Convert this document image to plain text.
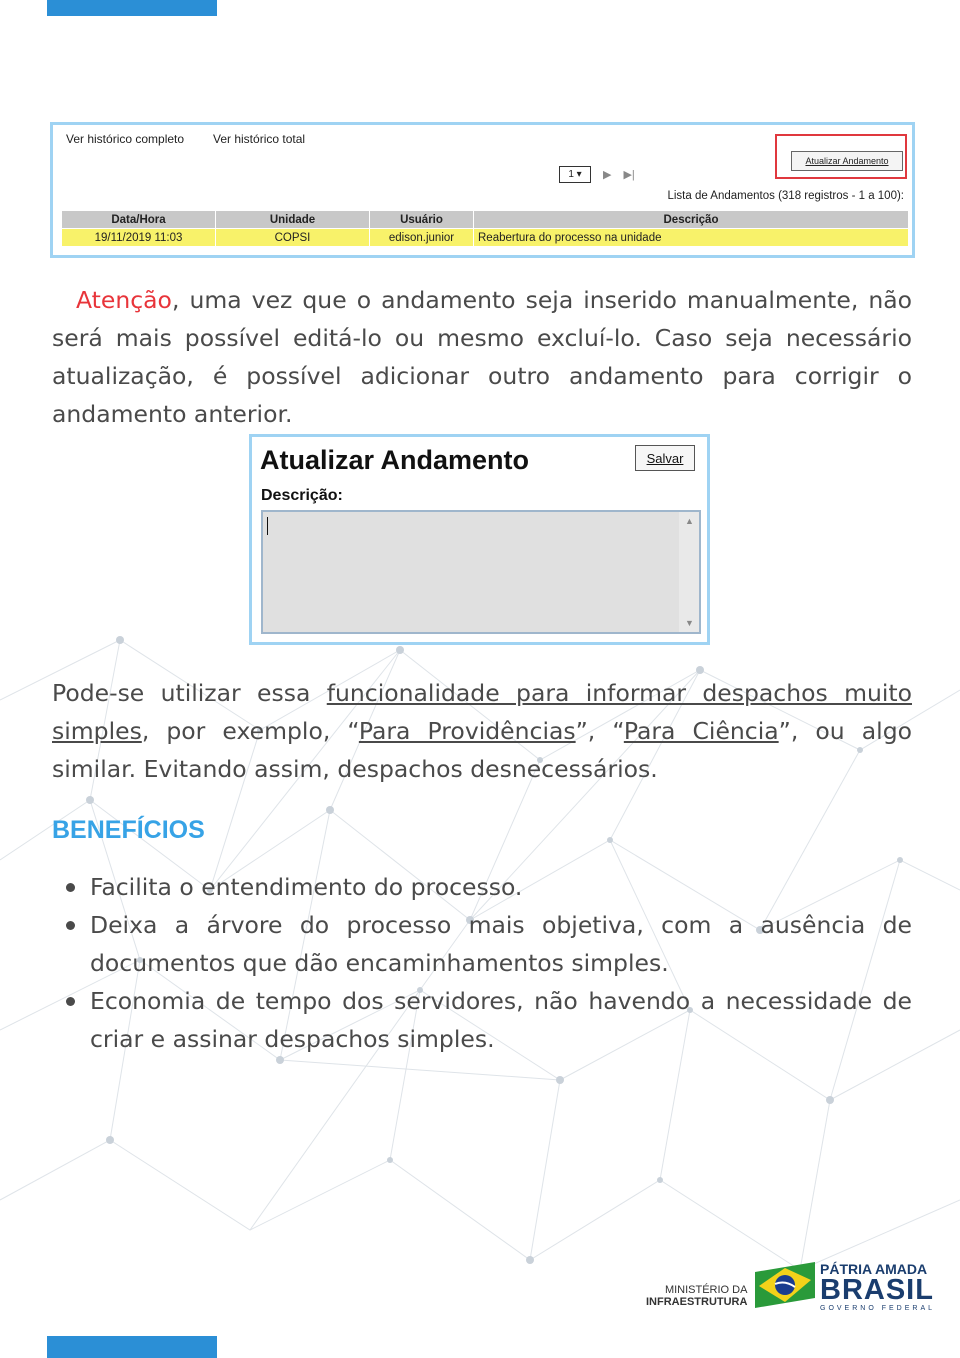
Ver histórico completo Ver histórico total
Atualizar Andamento
1
▾ ▶ ▶|
Lista de Andamentos (318 registros - 1 a 100):
Data/Hora	Unidade	Usuário	Descrição
19/11/2019 11:03	COPSI	edison.junior	Reabertura do processo na unidade

Atenção, uma vez que o andamento seja inserido manualmente, não será mais possível editá-lo ou mesmo excluí-lo. Caso seja necessário atualização, é possível adicionar outro andamento para corrigir o andamento anterior.

Atualizar Andamento	Salvar
Descrição:
▲
▼

Pode-se utilizar essa funcionalidade para informar despachos muito simples, por exemplo, “Para Providências”, “Para Ciência”, ou algo similar. Evitando assim, despachos desnecessários.

BENEFÍCIOS
Facilita o entendimento do processo.
Deixa a árvore do processo mais objetiva, com a ausência de documentos que dão encaminhamentos simples.
Economia de tempo dos servidores, não havendo a necessidade de criar e assinar despachos simples.
MINISTÉRIO DA
INFRAESTRUTURA
PÁTRIA AMADA
BRASIL
GOVERNO FEDERAL
